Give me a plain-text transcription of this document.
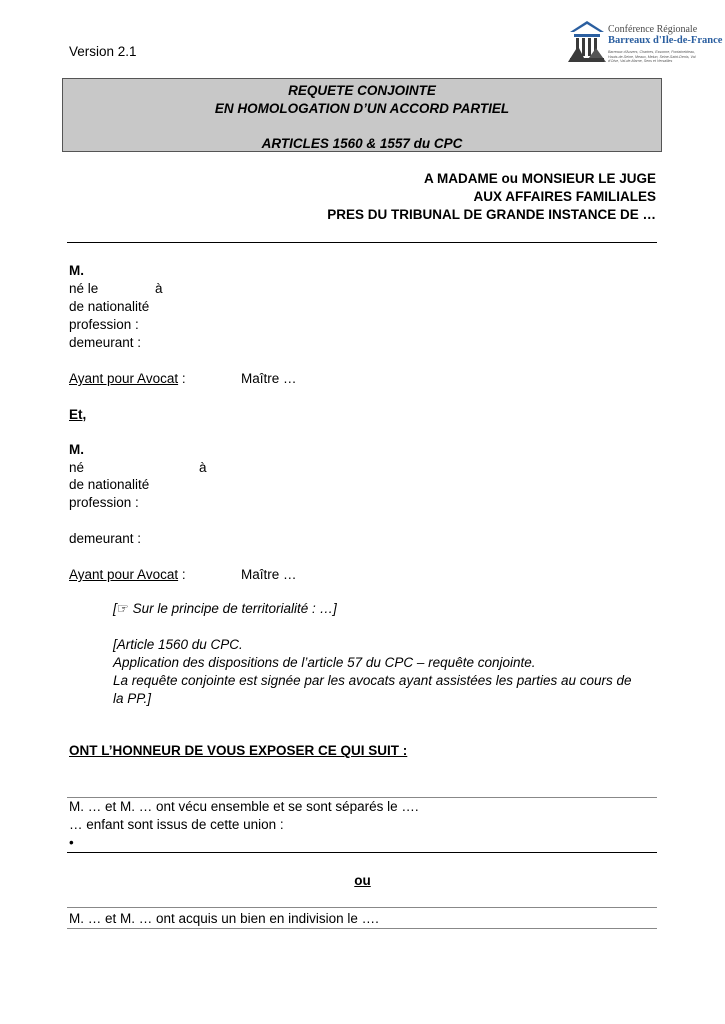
Version 2.1
Conférence Régionale
Barreaux d'Ile-de-France
Barreaux d'Auvers, Chartres, Essonne, Fontainebleau, Hauts-de-Seine, Meaux, Melun, Seine-Saint-Denis, Val d'Oise, Val-de-Marne, Sens et Versailles
REQUETE CONJOINTE
EN HOMOLOGATION D’UN ACCORD PARTIEL
ARTICLES 1560 & 1557 du CPC
A MADAME ou MONSIEUR LE JUGE
AUX AFFAIRES FAMILIALES
PRES DU TRIBUNAL DE GRANDE INSTANCE DE …
M.
né le	à
de nationalité
profession :
demeurant :
Ayant pour Avocat :	Maître …
Et,
M.
né	à
de nationalité
profession :
demeurant :
Ayant pour Avocat :	Maître …
[☞ Sur le principe de territorialité : …]
[Article 1560 du CPC.
Application des dispositions de l’article 57 du CPC – requête conjointe.
La requête conjointe est signée par les avocats ayant assistées les parties au cours de la PP.]
ONT L’HONNEUR DE VOUS EXPOSER CE QUI SUIT :
M. … et M. … ont vécu ensemble et se sont séparés le ….
… enfant sont issus de cette union :
•
ou
M. … et M. … ont acquis un bien en indivision le ….
